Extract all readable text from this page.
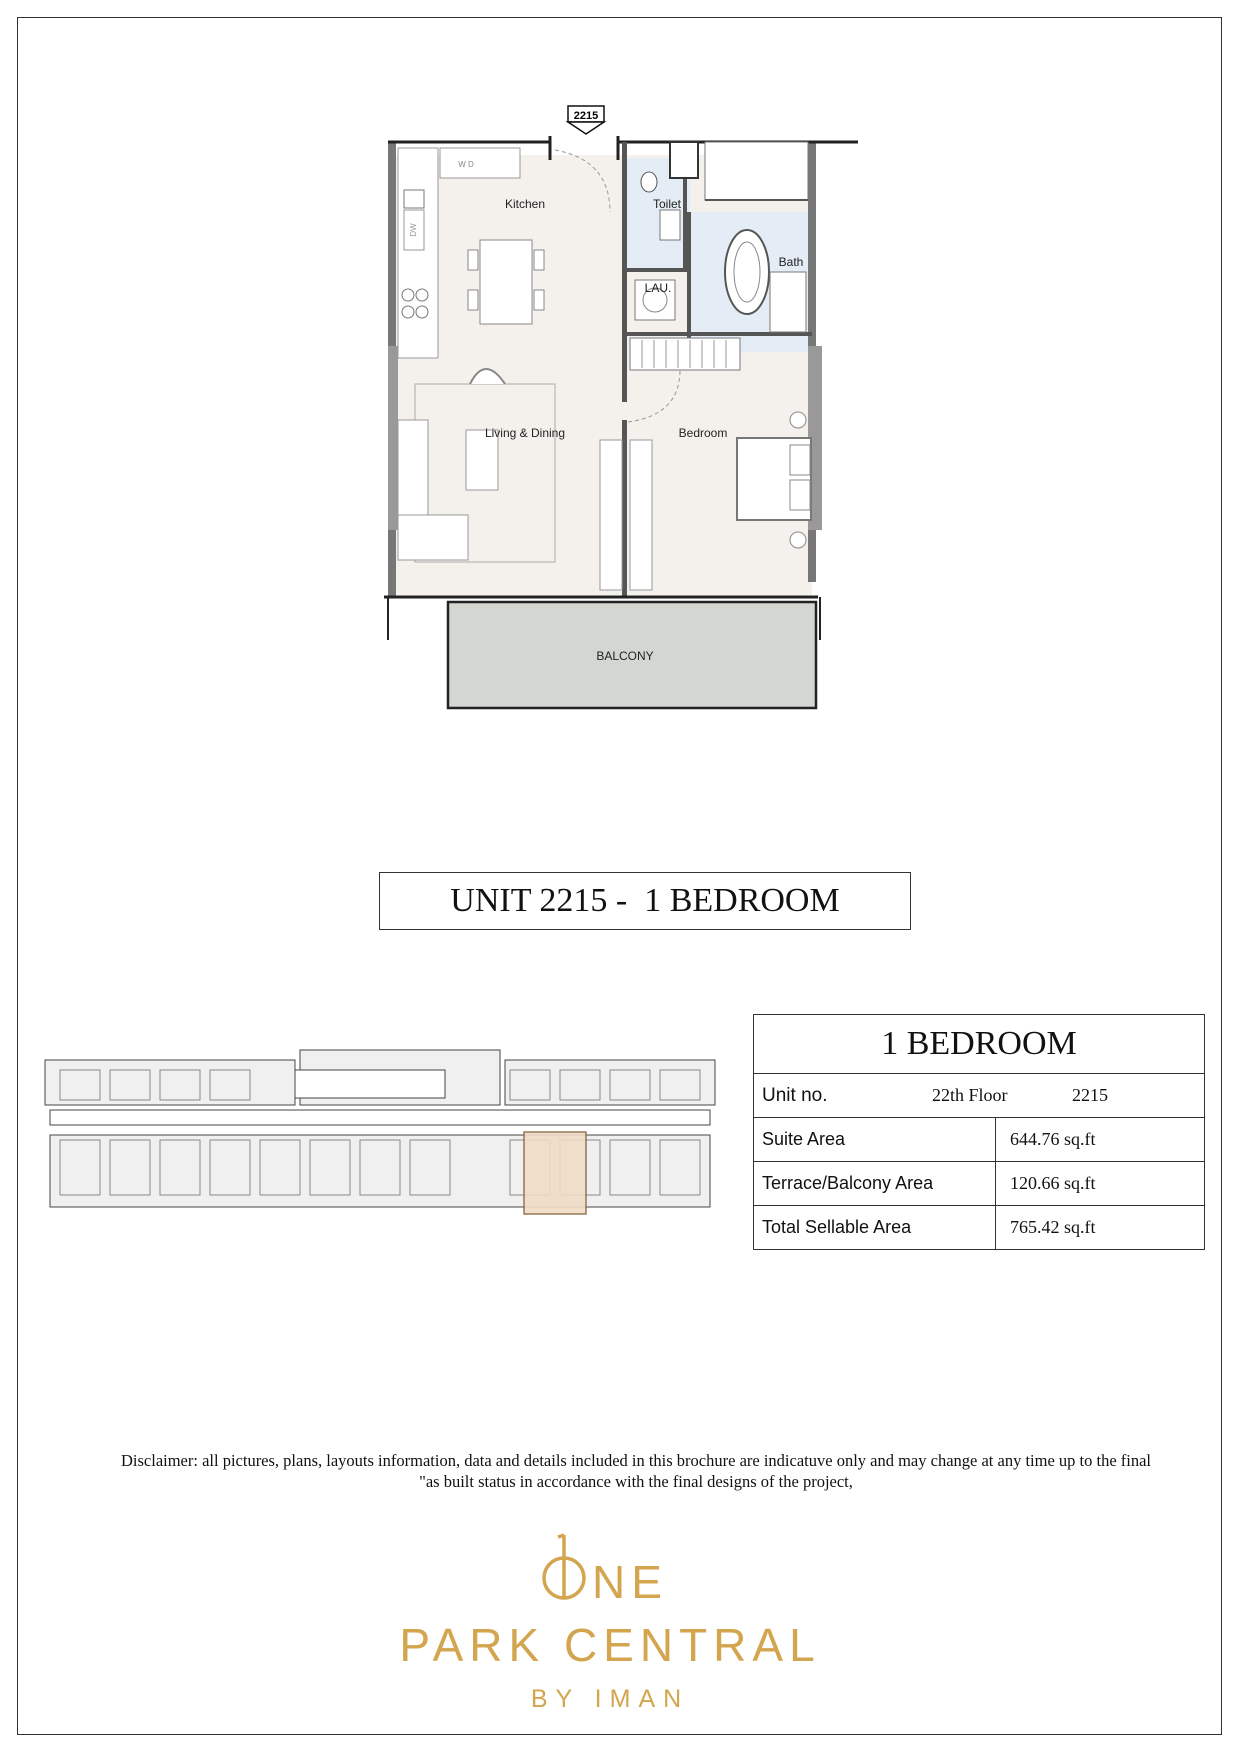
2215
DW
Kitchen	Toilet
Bath
LAU.
Living & Dining	Bedroom
BALCONY
W D
UNIT 2215 -  1 BEDROOM
1 BEDROOM	

Unit no. 22th Floor 2215	

Suite Area	644.76 sq.ft
Terrace/Balcony Area	120.66 sq.ft
Total Sellable Area	765.42 sq.ft
Disclaimer: all pictures, plans, layouts information, data and details included in this brochure are indicatuve only and may change at any time up to the final
"as built status in accordance with the final designs of the project,
NE
PARK CENTRAL
BY IMAN
